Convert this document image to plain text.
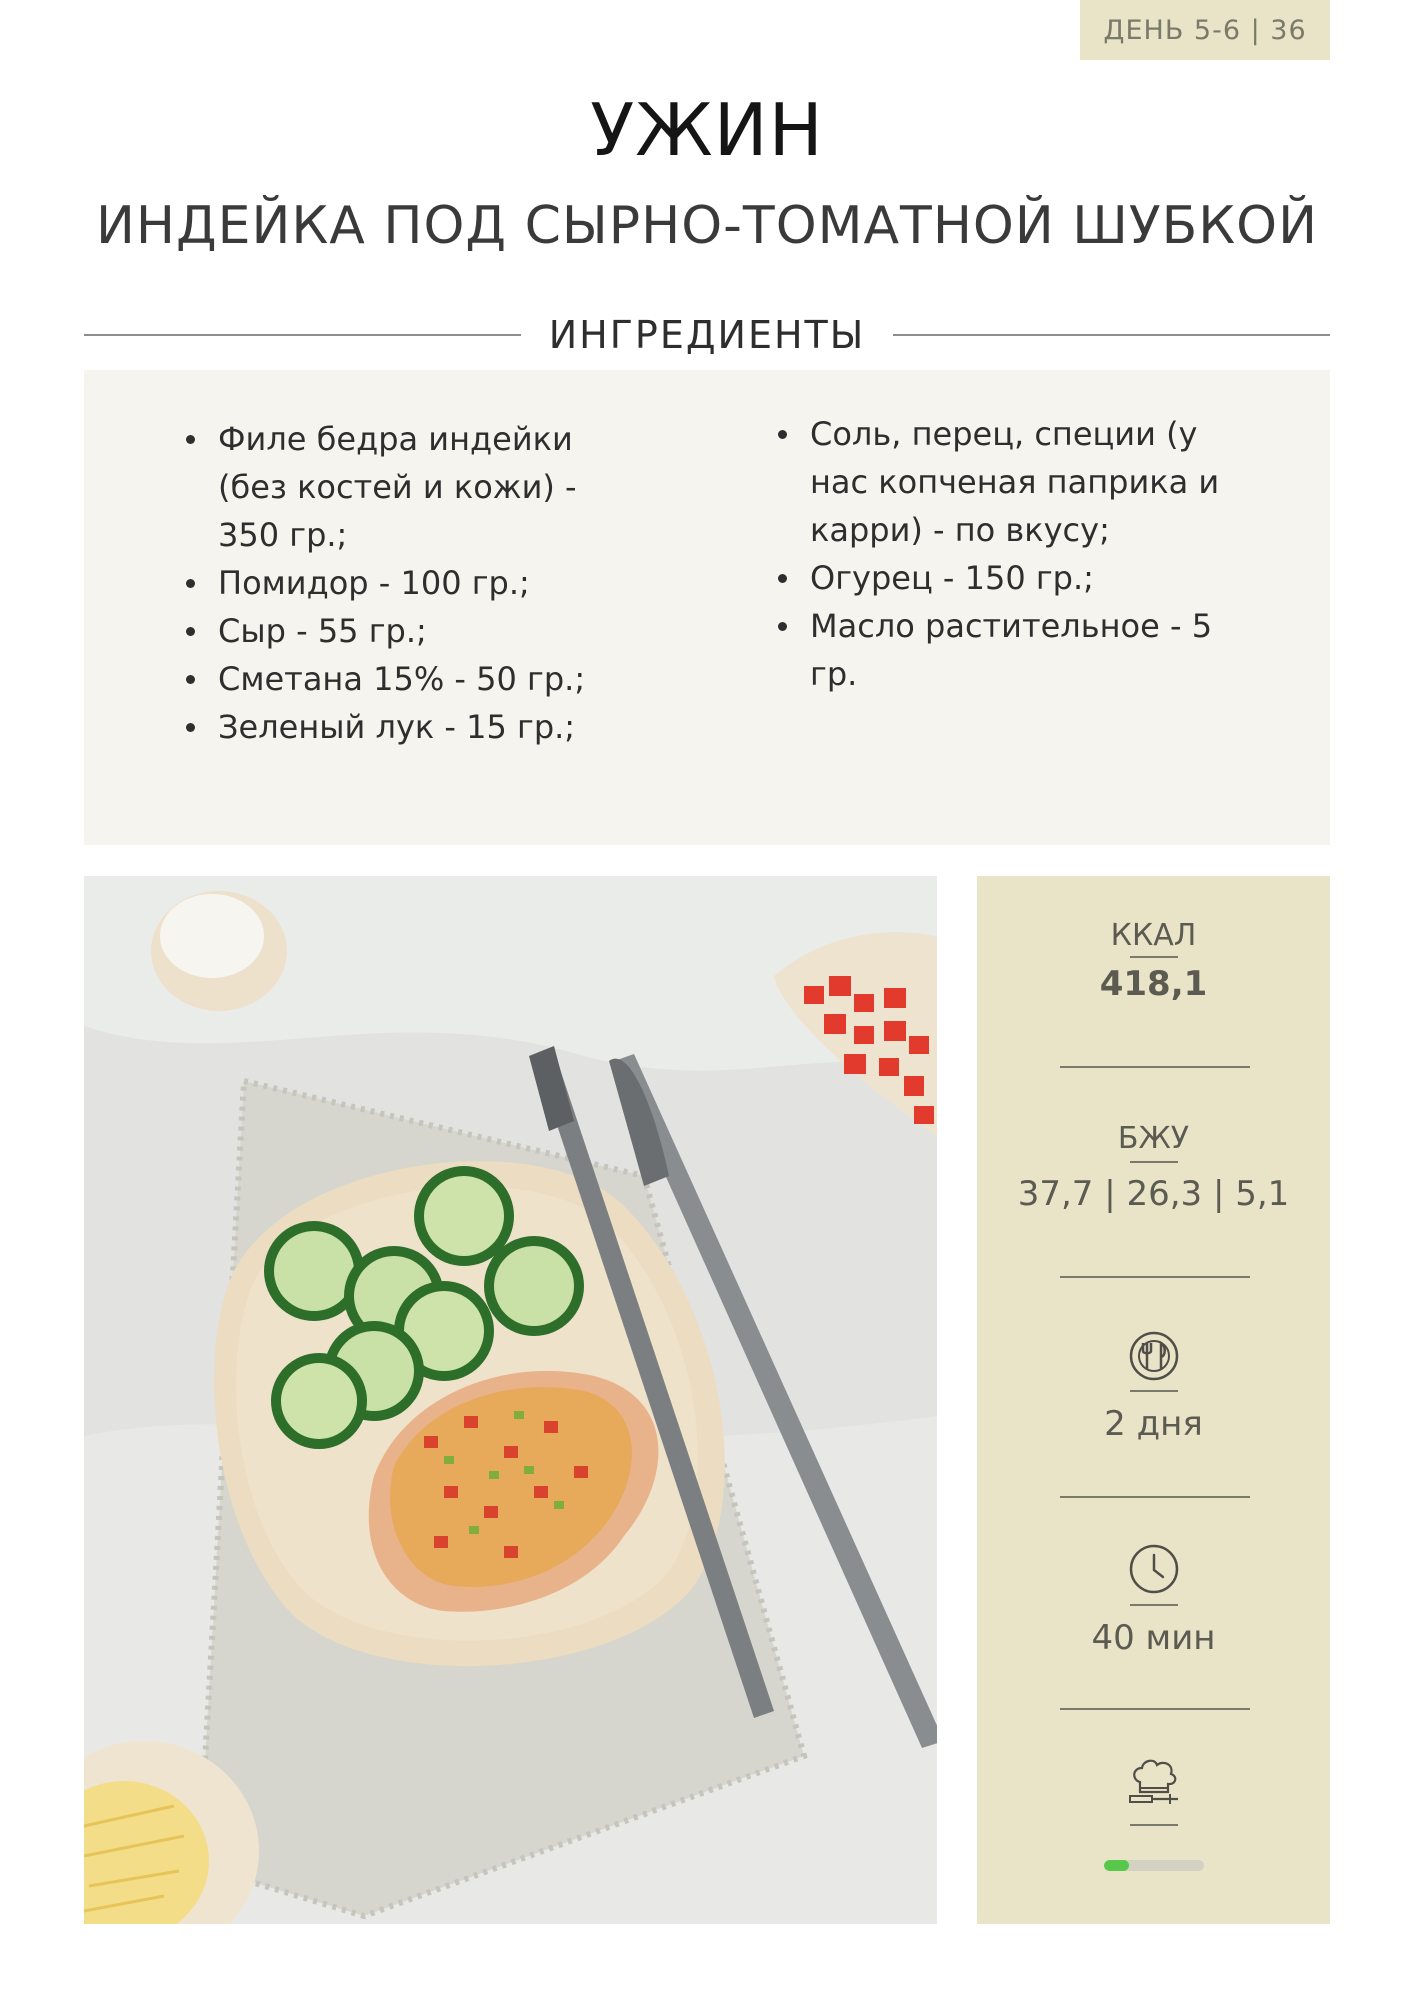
ДЕНЬ 5-6 | 36
УЖИН
ИНДЕЙКА ПОД СЫРНО-ТОМАТНОЙ ШУБКОЙ
ИНГРЕДИЕНТЫ
Филе бедра индейки (без костей и кожи) - 350 гр.;
Помидор - 100 гр.;
Сыр - 55 гр.;
Сметана 15% - 50 гр.;
Зеленый лук - 15 гр.;
Соль, перец, специи (у нас копченая паприка и карри) - по вкусу;
Огурец - 150 гр.;
Масло растительное - 5 гр.
ККАЛ
418,1
БЖУ
37,7 | 26,3 | 5,1
2 дня
40 мин
